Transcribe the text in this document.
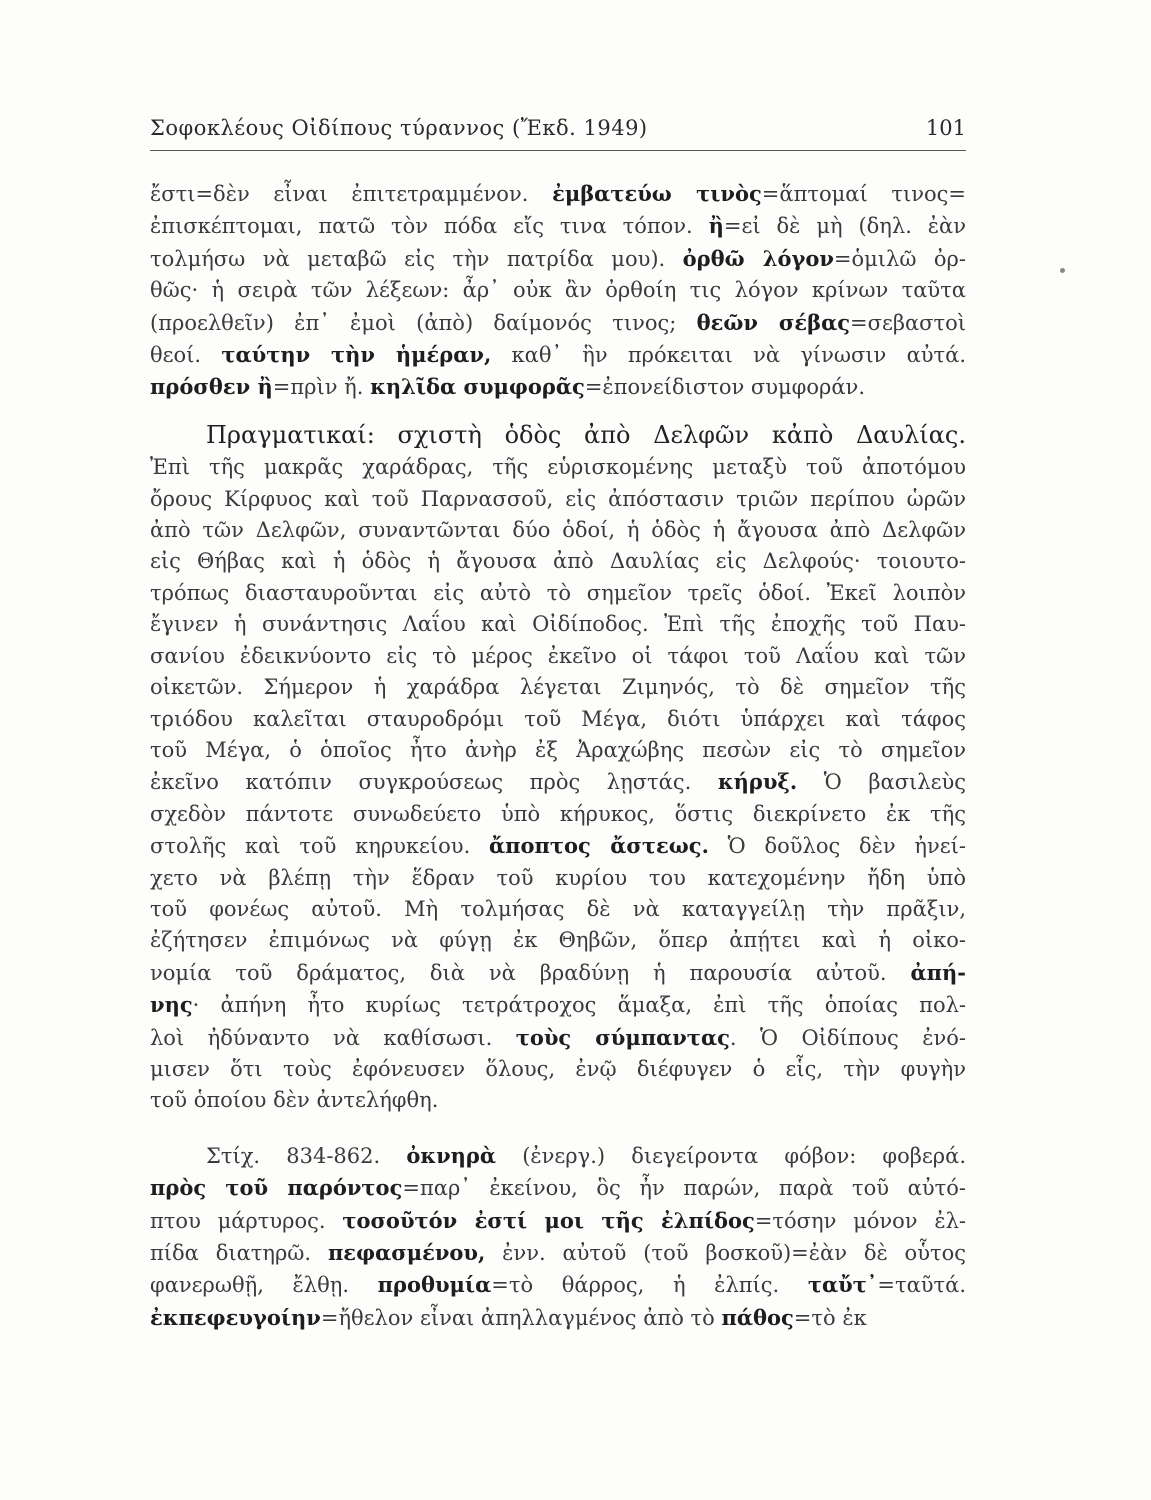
Σοφοκλέους Οἰδίπους τύραννος (Ἔκδ. 1949)	101
ἔστι=δὲν εἶναι ἐπιτετραμμένον. ἐμβατεύω τινὸς=ἅπτομαί τινος=
ἐπισκέπτομαι, πατῶ τὸν πόδα εἴς τινα τόπον. ἢ=εἰ δὲ μὴ (δηλ. ἐὰν
τολμήσω νὰ μεταβῶ εἰς τὴν πατρίδα μου). ὀρθῶ λόγον=ὁμιλῶ ὀρ-
θῶς· ἡ σειρὰ τῶν λέξεων: ἆρ᾽ οὐκ ἂν ὀρθοίη τις λόγον κρίνων ταῦτα
(προελθεῖν) ἐπ᾽ ἐμοὶ (ἀπὸ) δαίμονός τινος; θεῶν σέβας=σεβαστοὶ
θεοί. ταύτην τὴν ἡμέραν, καθ᾽ ἣν πρόκειται νὰ γίνωσιν αὐτά.
πρόσθεν ἢ=πρὶν ἤ. κηλῖδα συμφορᾶς=ἐπονείδιστον συμφοράν.
Πραγματικαί: σχιστὴ ὁδὸς ἀπὸ Δελφῶν κἀπὸ Δαυλίας.
Ἐπὶ τῆς μακρᾶς χαράδρας, τῆς εὑρισκομένης μεταξὺ τοῦ ἀποτόμου
ὄρους Κίρφυος καὶ τοῦ Παρνασσοῦ, εἰς ἀπόστασιν τριῶν περίπου ὡρῶν
ἀπὸ τῶν Δελφῶν, συναντῶνται δύο ὁδοί, ἡ ὁδὸς ἡ ἄγουσα ἀπὸ Δελφῶν
εἰς Θήβας καὶ ἡ ὁδὸς ἡ ἄγουσα ἀπὸ Δαυλίας εἰς Δελφούς· τοιουτο-
τρόπως διασταυροῦνται εἰς αὐτὸ τὸ σημεῖον τρεῖς ὁδοί. Ἐκεῖ λοιπὸν
ἔγινεν ἡ συνάντησις Λαΐου καὶ Οἰδίποδος. Ἐπὶ τῆς ἐποχῆς τοῦ Παυ-
σανίου ἐδεικνύοντο εἰς τὸ μέρος ἐκεῖνο οἱ τάφοι τοῦ Λαΐου καὶ τῶν
οἰκετῶν. Σήμερον ἡ χαράδρα λέγεται Ζιμηνός, τὸ δὲ σημεῖον τῆς
τριόδου καλεῖται σταυροδρόμι τοῦ Μέγα, διότι ὑπάρχει καὶ τάφος
τοῦ Μέγα, ὁ ὁποῖος ἦτο ἀνὴρ ἐξ Ἀραχώβης πεσὼν εἰς τὸ σημεῖον
ἐκεῖνο κατόπιν συγκρούσεως πρὸς λῃστάς. κήρυξ. Ὁ βασιλεὺς
σχεδὸν πάντοτε συνωδεύετο ὑπὸ κήρυκος, ὅστις διεκρίνετο ἐκ τῆς
στολῆς καὶ τοῦ κηρυκείου. ἄποπτος ἄστεως. Ὁ δοῦλος δὲν ἠνεί-
χετο νὰ βλέπῃ τὴν ἕδραν τοῦ κυρίου του κατεχομένην ἤδη ὑπὸ
τοῦ φονέως αὐτοῦ. Μὴ τολμήσας δὲ νὰ καταγγείλῃ τὴν πρᾶξιν,
ἐζήτησεν ἐπιμόνως νὰ φύγῃ ἐκ Θηβῶν, ὅπερ ἀπῄτει καὶ ἡ οἰκο-
νομία τοῦ δράματος, διὰ νὰ βραδύνῃ ἡ παρουσία αὐτοῦ. ἀπή-
νης· ἀπήνη ἦτο κυρίως τετράτροχος ἅμαξα, ἐπὶ τῆς ὁποίας πολ-
λοὶ ἠδύναντο νὰ καθίσωσι. τοὺς σύμπαντας. Ὁ Οἰδίπους ἐνό-
μισεν ὅτι τοὺς ἐφόνευσεν ὅλους, ἐνῷ διέφυγεν ὁ εἷς, τὴν φυγὴν
τοῦ ὁποίου δὲν ἀντελήφθη.
Στίχ. 834-862. ὀκνηρὰ (ἐνεργ.) διεγείροντα φόβον: φοβερά.
πρὸς τοῦ παρόντος=παρ᾽ ἐκείνου, ὃς ἦν παρών, παρὰ τοῦ αὐτό-
πτου μάρτυρος. τοσοῦτόν ἐστί μοι τῆς ἐλπίδος=τόσην μόνον ἐλ-
πίδα διατηρῶ. πεφασμένου, ἐνν. αὐτοῦ (τοῦ βοσκοῦ)=ἐὰν δὲ οὗτος
φανερωθῇ, ἔλθῃ. προθυμία=τὸ θάρρος, ἡ ἐλπίς. ταὔτ᾽=ταῦτά.
ἐκπεφευγοίην=ἤθελον εἶναι ἀπηλλαγμένος ἀπὸ τὸ πάθος=τὸ ἐκ
